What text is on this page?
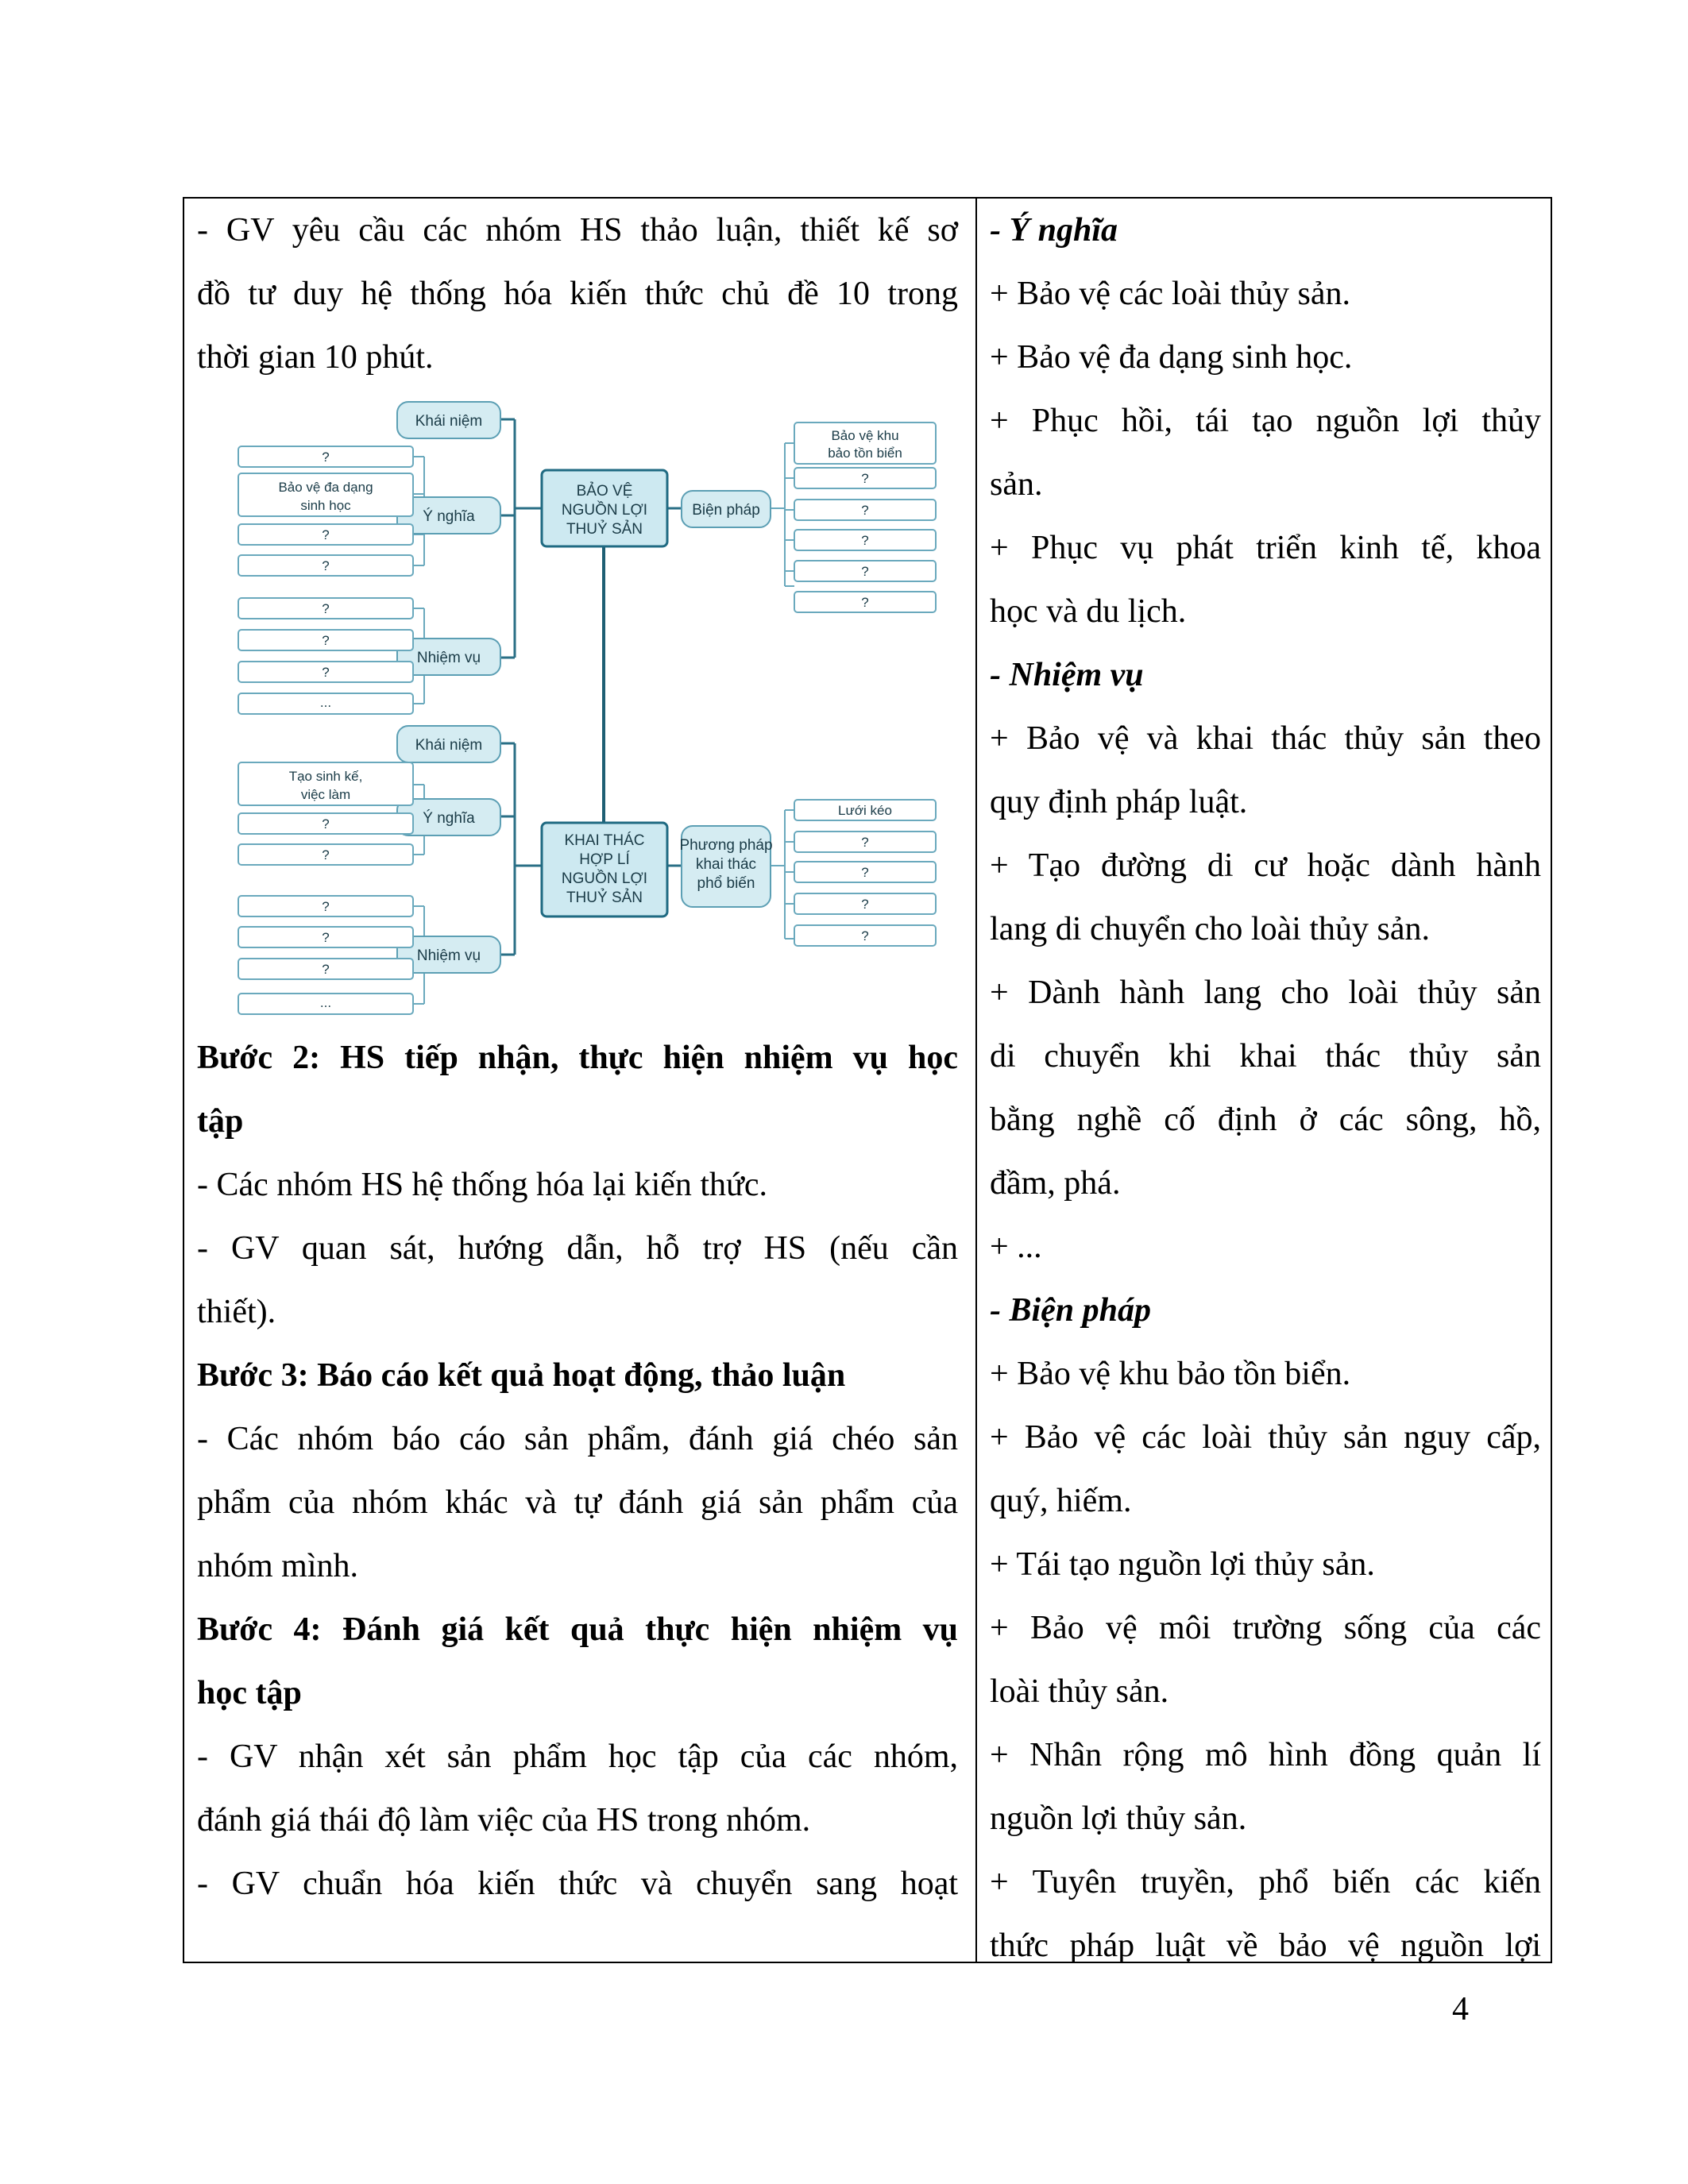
- GV yêu cầu các nhóm HS thảo luận, thiết kế sơ

đồ tư duy hệ thống hóa kiến thức chủ đề 10 trong

thời gian 10 phút.

Bước 2: HS tiếp nhận, thực hiện nhiệm vụ học

tập

- Các nhóm HS hệ thống hóa lại kiến thức.

- GV quan sát, hướng dẫn, hỗ trợ HS (nếu cần

thiết).

Bước 3: Báo cáo kết quả hoạt động, thảo luận

- Các nhóm báo cáo sản phẩm, đánh giá chéo sản

phẩm của nhóm khác và tự đánh giá sản phẩm của

nhóm mình.

Bước 4: Đánh giá kết quả thực hiện nhiệm vụ

học tập

- GV nhận xét sản phẩm học tập của các nhóm,

đánh giá thái độ làm việc của HS trong nhóm.

- GV chuẩn hóa kiến thức và chuyển sang hoạt

BẢO VỆ
NGUỒN LỢI
THUỶ SẢN
KHAI THÁC
HỢP LÍ
NGUỒN LỢI
THUỶ SẢN
Khái niệm
Ý nghĩa
Nhiệm vụ
Biện pháp
Khái niệm
Ý nghĩa
Nhiệm vụ
Phương pháp
khai thác
phổ biến
?
Bảo vệ đa dạng
sinh học
?
?
?
?
?
...
Bảo vệ khu
bảo tồn biển
?
?
?
?
?
Tạo sinh kế,
việc làm
?
?
?
?
?
...
Lưới kéo
?
?
?
?

- Ý nghĩa

+ Bảo vệ các loài thủy sản.

+ Bảo vệ đa dạng sinh học.

+ Phục hồi, tái tạo nguồn lợi thủy

sản.

+ Phục vụ phát triển kinh tế, khoa

học và du lịch.

- Nhiệm vụ

+ Bảo vệ và khai thác thủy sản theo

quy định pháp luật.

+ Tạo đường di cư hoặc dành hành

lang di chuyển cho loài thủy sản.

+ Dành hành lang cho loài thủy sản

di chuyển khi khai thác thủy sản

bằng nghề cố định ở các sông, hồ,

đầm, phá.

+ ...

- Biện pháp

+ Bảo vệ khu bảo tồn biển.

+ Bảo vệ các loài thủy sản nguy cấp,

quý, hiếm.

+ Tái tạo nguồn lợi thủy sản.

+ Bảo vệ môi trường sống của các

loài thủy sản.

+ Nhân rộng mô hình đồng quản lí

nguồn lợi thủy sản.

+ Tuyên truyền, phổ biến các kiến

thức pháp luật về bảo vệ nguồn lợi

4
